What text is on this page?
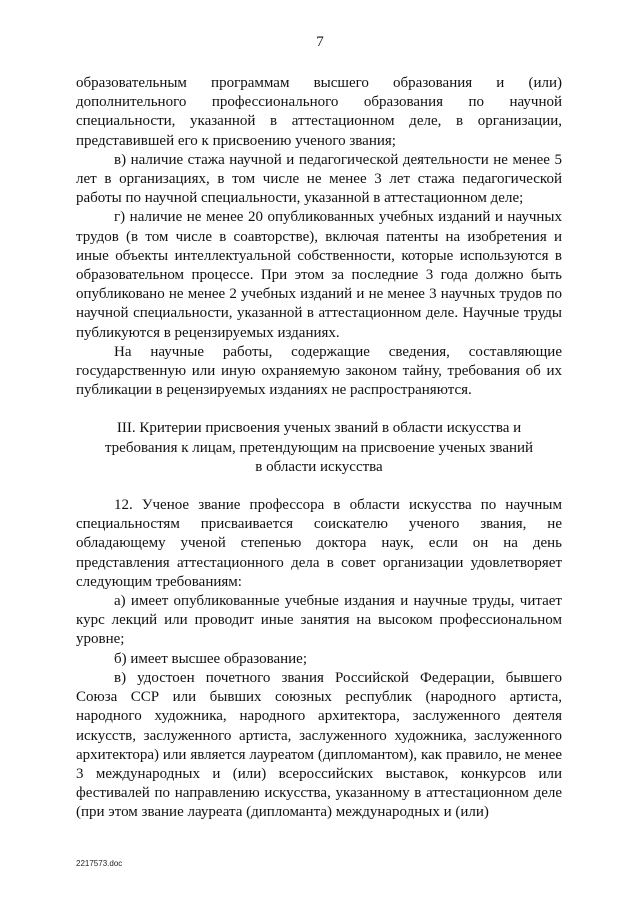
7

образовательным программам высшего образования и (или) дополнительного профессионального образования по научной специальности, указанной в аттестационном деле, в организации, представившей его к присвоению ученого звания;

в) наличие стажа научной и педагогической деятельности не менее 5 лет в организациях, в том числе не менее 3 лет стажа педагогической работы по научной специальности, указанной в аттестационном деле;

г) наличие не менее 20 опубликованных учебных изданий и научных трудов (в том числе в соавторстве), включая патенты на изобретения и иные объекты интеллектуальной собственности, которые используются в образовательном процессе. При этом за последние 3 года должно быть опубликовано не менее 2 учебных изданий и не менее 3 научных трудов по научной специальности, указанной в аттестационном деле. Научные труды публикуются в рецензируемых изданиях.

На научные работы, содержащие сведения, составляющие государственную или иную охраняемую законом тайну, требования об их публикации в рецензируемых изданиях не распространяются.

III. Критерии присвоения ученых званий в области искусства и
требования к лицам, претендующим на присвоение ученых званий
в области искусства

12. Ученое звание профессора в области искусства по научным специальностям присваивается соискателю ученого звания, не обладающему ученой степенью доктора наук, если он на день представления аттестационного дела в совет организации удовлетворяет следующим требованиям:

а) имеет опубликованные учебные издания и научные труды, читает курс лекций или проводит иные занятия на высоком профессиональном уровне;

б) имеет высшее образование;

в) удостоен почетного звания Российской Федерации, бывшего Союза ССР или бывших союзных республик (народного артиста, народного художника, народного архитектора, заслуженного деятеля искусств, заслуженного артиста, заслуженного художника, заслуженного архитектора) или является лауреатом (дипломантом), как правило, не менее 3 международных и (или) всероссийских выставок, конкурсов или фестивалей по направлению искусства, указанному в аттестационном деле (при этом звание лауреата (дипломанта) международных и (или)

2217573.doc
